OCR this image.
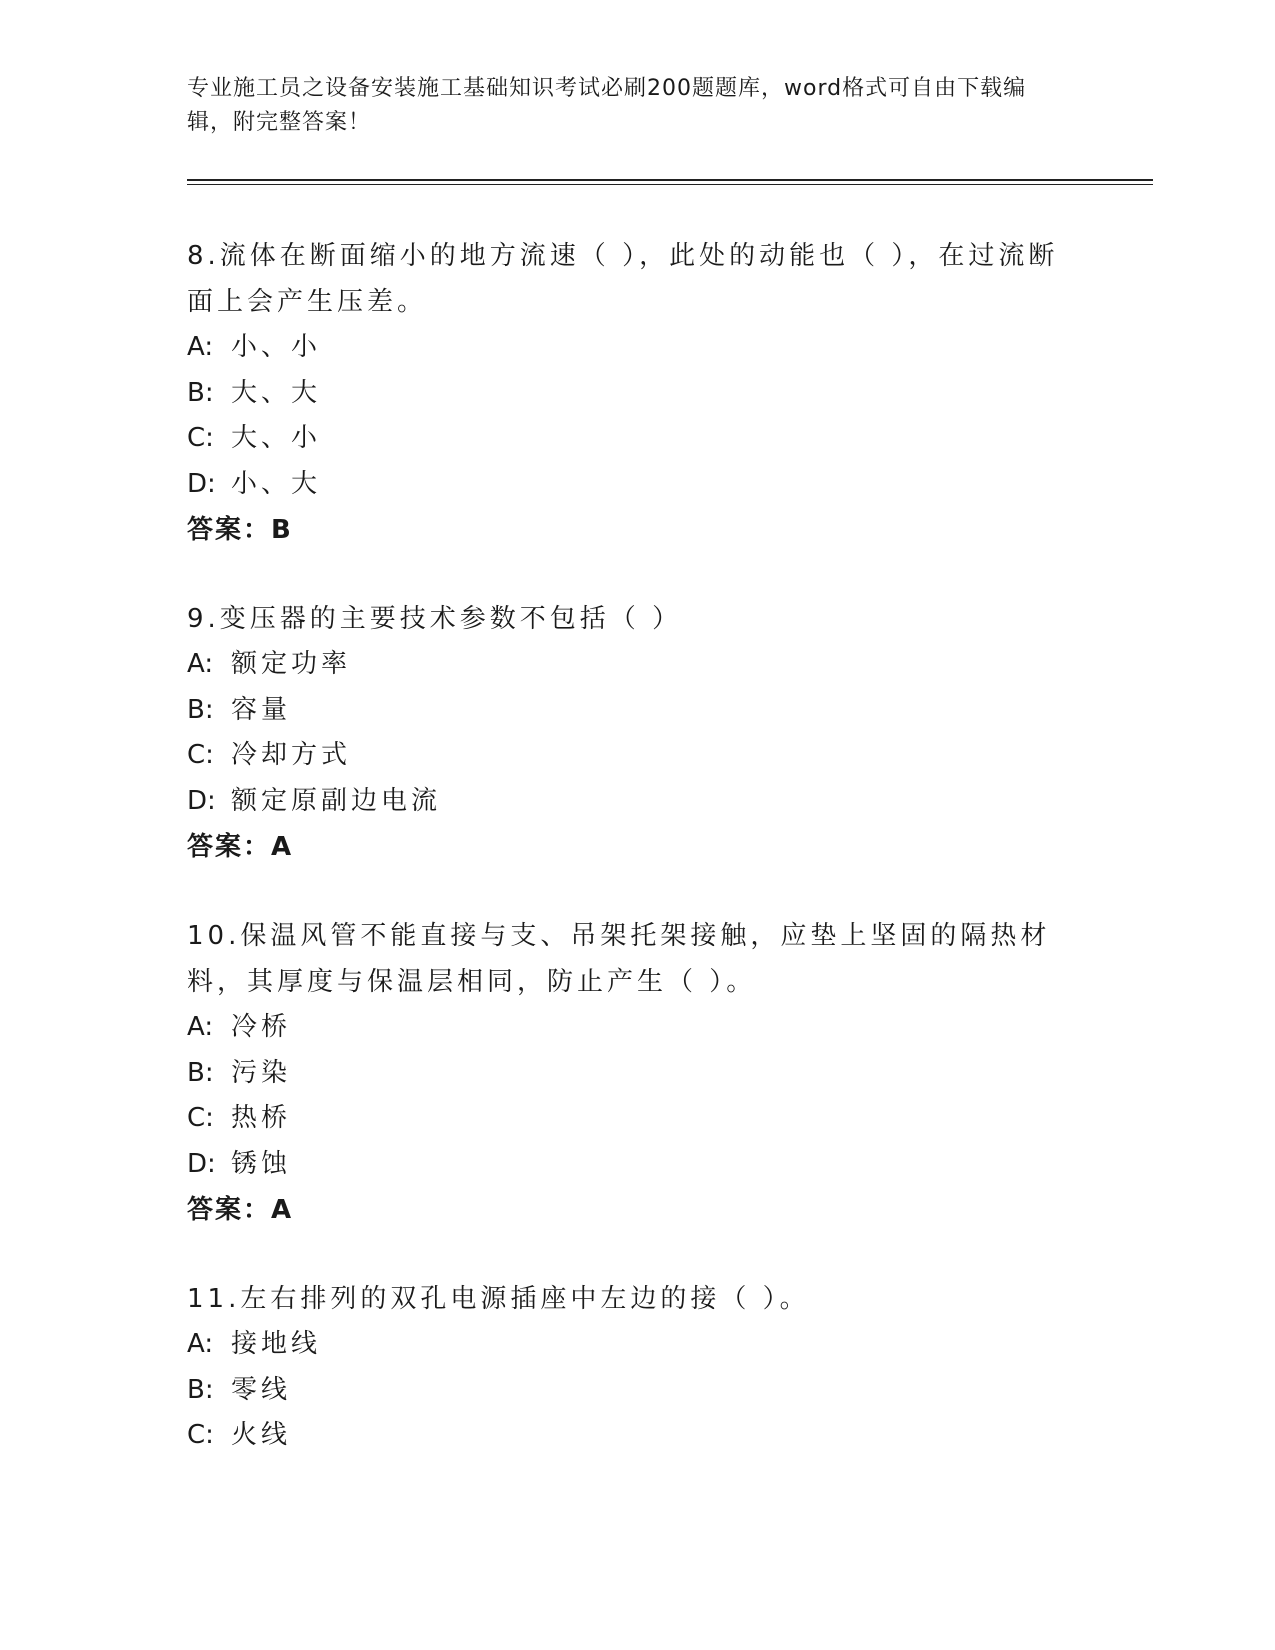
专业施工员之设备安装施工基础知识考试必刷200题题库，word格式可自由下载编辑，附完整答案！

8.流体在断面缩小的地方流速（ ），此处的动能也（ ），在过流断面上会产生压差。

A: 小、小

B: 大、大

C: 大、小

D: 小、大

答案：B

9.变压器的主要技术参数不包括（ ）

A: 额定功率

B: 容量

C: 冷却方式

D: 额定原副边电流

答案：A

10.保温风管不能直接与支、吊架托架接触，应垫上坚固的隔热材料，其厚度与保温层相同，防止产生（ ）。

A: 冷桥

B: 污染

C: 热桥

D: 锈蚀

答案：A

11.左右排列的双孔电源插座中左边的接（ ）。

A: 接地线

B: 零线

C: 火线
